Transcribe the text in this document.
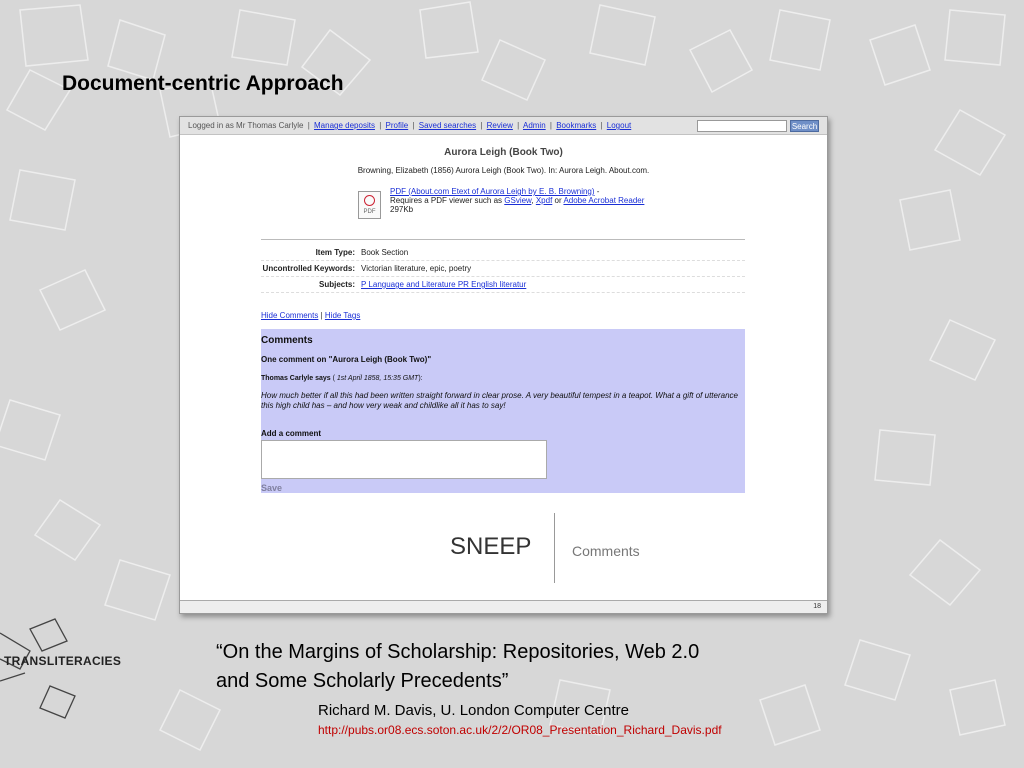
Document-centric Approach
Logged in as Mr Thomas Carlyle | Manage deposits | Profile | Saved searches | Review | Admin | Bookmarks | Logout	Search
Aurora Leigh (Book Two)
Browning, Elizabeth (1856) Aurora Leigh (Book Two). In: Aurora Leigh. About.com.
PDF
PDF (About.com Etext of Aurora Leigh by E. B. Browning) -
Requires a PDF viewer such as GSview, Xpdf or Adobe Acrobat Reader
297Kb
Item Type: Book Section
Uncontrolled Keywords: Victorian literature, epic, poetry
Subjects: P Language and Literature PR English literatur
Hide Comments | Hide Tags
Comments
One comment on "Aurora Leigh (Book Two)"
Thomas Carlyle says ( 1st April 1858, 15:35 GMT):
How much better if all this had been written straight forward in clear prose. A very beautiful tempest in a teapot. What a gift of utterance this high child has – and how very weak and childlike all it has to say!
Add a comment
Save
SNEEP	Comments
18
TRANSLITERACIES	“On the Margins of Scholarship: Repositories, Web 2.0
and Some Scholarly Precedents”
Richard M. Davis, U. London Computer Centre
http://pubs.or08.ecs.soton.ac.uk/2/2/OR08_Presentation_Richard_Davis.pdf
